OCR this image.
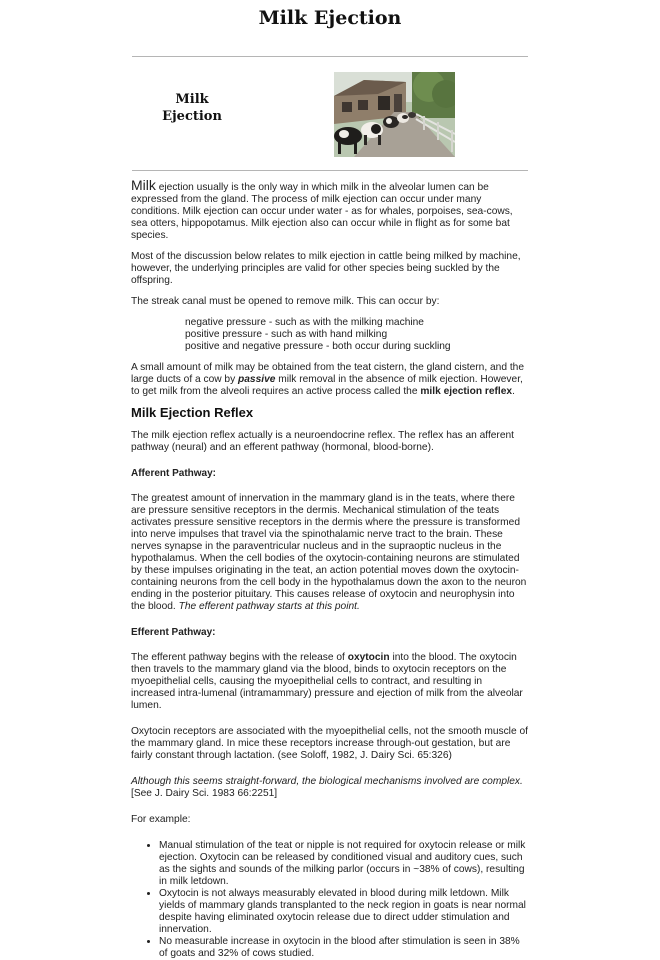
Milk Ejection
Milk
Ejection

Milk ejection usually is the only way in which milk in the alveolar lumen can be expressed from the gland. The process of milk ejection can occur under many conditions. Milk ejection can occur under water - as for whales, porpoises, sea-cows, sea otters, hippopotamus. Milk ejection also can occur while in flight as for some bat species.

Most of the discussion below relates to milk ejection in cattle being milked by machine, however, the underlying principles are valid for other species being suckled by the offspring.

The streak canal must be opened to remove milk. This can occur by:

negative pressure - such as with the milking machine
positive pressure - such as with hand milking
positive and negative pressure - both occur during suckling

A small amount of milk may be obtained from the teat cistern, the gland cistern, and the large ducts of a cow by passive milk removal in the absence of milk ejection. However, to get milk from the alveoli requires an active process called the milk ejection reflex.

Milk Ejection Reflex

The milk ejection reflex actually is a neuroendocrine reflex. The reflex has an afferent pathway (neural) and an efferent pathway (hormonal, blood-borne).

Afferent Pathway:

The greatest amount of innervation in the mammary gland is in the teats, where there are pressure sensitive receptors in the dermis. Mechanical stimulation of the teats activates pressure sensitive receptors in the dermis where the pressure is transformed into nerve impulses that travel via the spinothalamic nerve tract to the brain. These nerves synapse in the paraventricular nucleus and in the supraoptic nucleus in the hypothalamus. When the cell bodies of the oxytocin-containing neurons are stimulated by these impulses originating in the teat, an action potential moves down the oxytocin-containing neurons from the cell body in the hypothalamus down the axon to the neuron ending in the posterior pituitary. This causes release of oxytocin and neurophysin into the blood. The efferent pathway starts at this point.

Efferent Pathway:

The efferent pathway begins with the release of oxytocin into the blood. The oxytocin then travels to the mammary gland via the blood, binds to oxytocin receptors on the myoepithelial cells, causing the myoepithelial cells to contract, and resulting in increased intra-lumenal (intramammary) pressure and ejection of milk from the alveolar lumen.

Oxytocin receptors are associated with the myoepithelial cells, not the smooth muscle of the mammary gland. In mice these receptors increase through-out gestation, but are fairly constant through lactation. (see Soloff, 1982, J. Dairy Sci. 65:326)

Although this seems straight-forward, the biological mechanisms involved are complex.
[See J. Dairy Sci. 1983 66:2251]

For example:

• Manual stimulation of the teat or nipple is not required for oxytocin release or milk ejection. Oxytocin can be released by conditioned visual and auditory cues, such as the sights and sounds of the milking parlor (occurs in ~38% of cows), resulting in milk letdown.
• Oxytocin is not always measurably elevated in blood during milk letdown. Milk yields of mammary glands transplanted to the neck region in goats is near normal despite having eliminated oxytocin release due to direct udder stimulation and innervation.
• No measurable increase in oxytocin in the blood after stimulation is seen in 38% of goats and 32% of cows studied.
